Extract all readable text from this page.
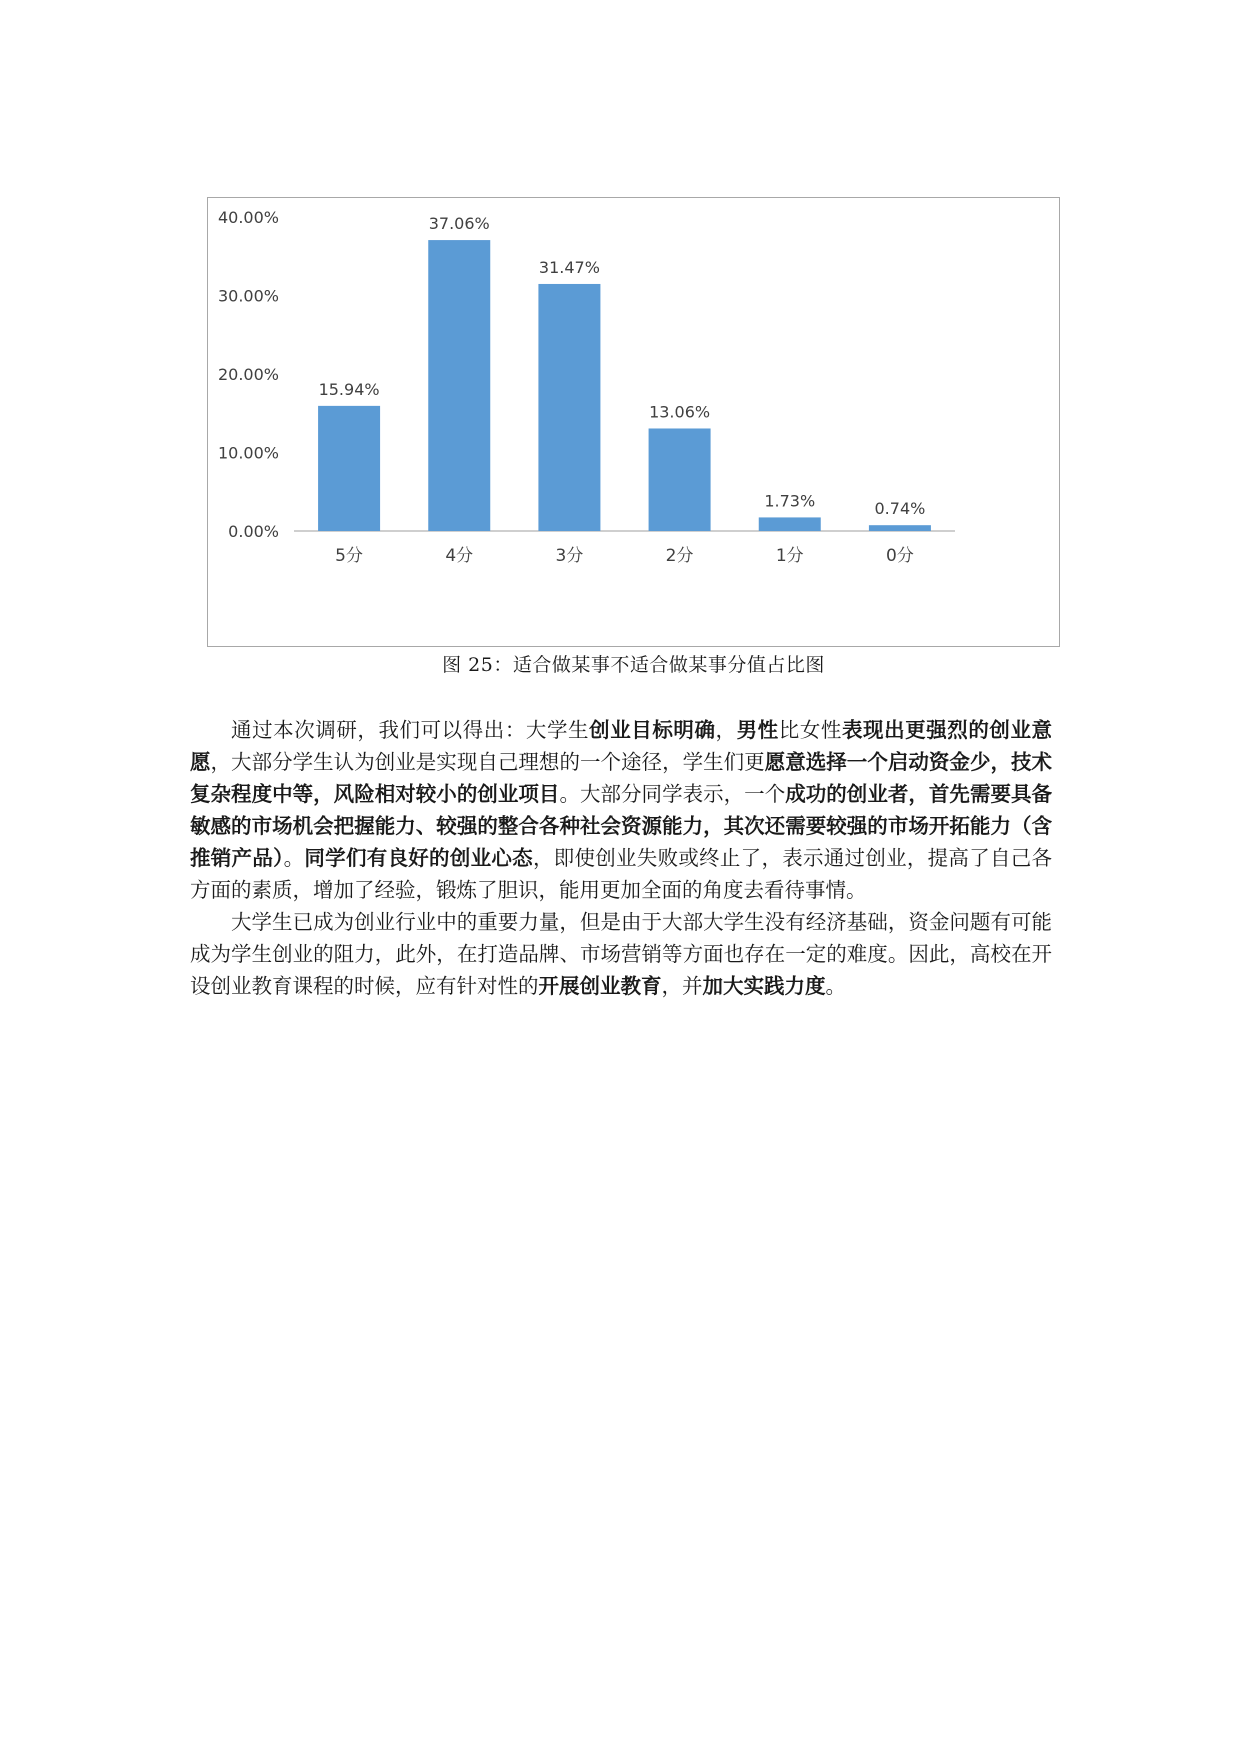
0.00%
10.00%
20.00%
30.00%
40.00%
15.94%
5分
37.06%
4分
31.47%
3分
13.06%
2分
1.73%
1分
0.74%
0分
图 25：适合做某事不适合做某事分值占比图

通过本次调研，我们可以得出：大学生创业目标明确，男性比女性表现出更强烈的创业意愿，大部分学生认为创业是实现自己理想的一个途径，学生们更愿意选择一个启动资金少，技术复杂程度中等，风险相对较小的创业项目。大部分同学表示，一个成功的创业者，首先需要具备敏感的市场机会把握能力、较强的整合各种社会资源能力，其次还需要较强的市场开拓能力（含推销产品）。同学们有良好的创业心态，即使创业失败或终止了，表示通过创业，提高了自己各方面的素质，增加了经验，锻炼了胆识，能用更加全面的角度去看待事情。

大学生已成为创业行业中的重要力量，但是由于大部大学生没有经济基础，资金问题有可能成为学生创业的阻力，此外，在打造品牌、市场营销等方面也存在一定的难度。因此，高校在开设创业教育课程的时候，应有针对性的开展创业教育，并加大实践力度。
